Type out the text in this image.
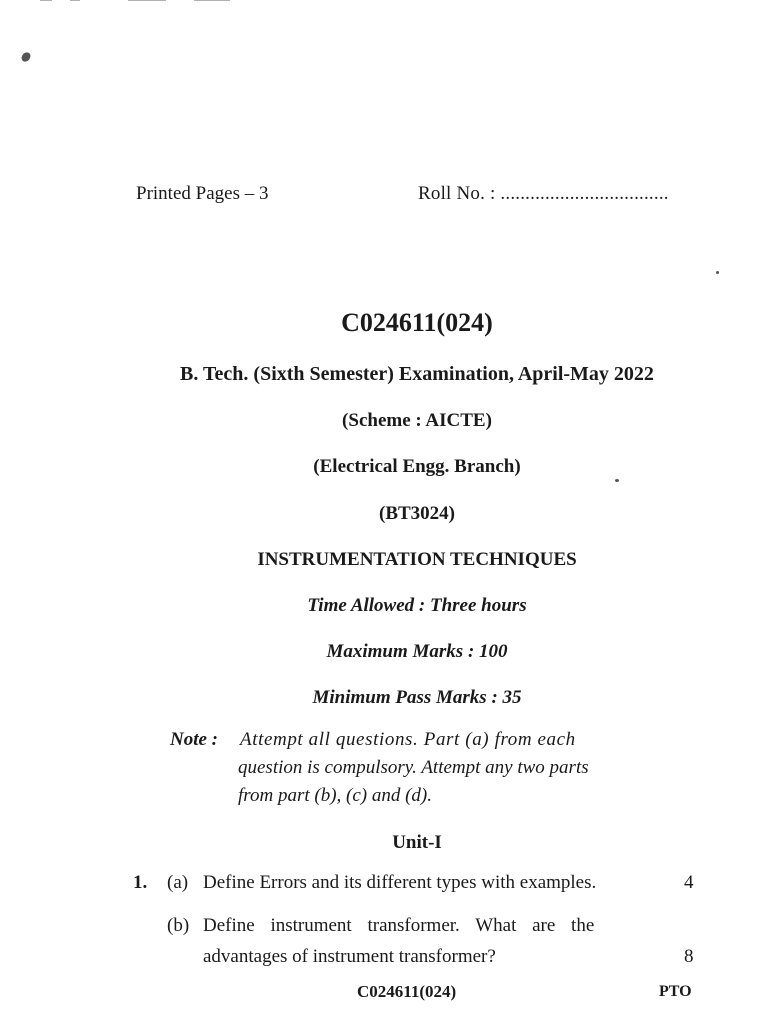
Printed Pages – 3	Roll No. : ..................................
C024611(024)
B. Tech. (Sixth Semester) Examination, April-May 2022
(Scheme : AICTE)
(Electrical Engg. Branch)
(BT3024)
INSTRUMENTATION TECHNIQUES
Time Allowed : Three hours
Maximum Marks : 100
Minimum Pass Marks : 35
Note : Attempt all questions. Part (a) from each
question is compulsory. Attempt any two parts
from part (b), (c) and (d).
Unit-I
1. (a) Define Errors and its different types with examples.	4
(b) Define instrument transformer. What are the
advantages of instrument transformer?	8
C024611(024)	PTO
